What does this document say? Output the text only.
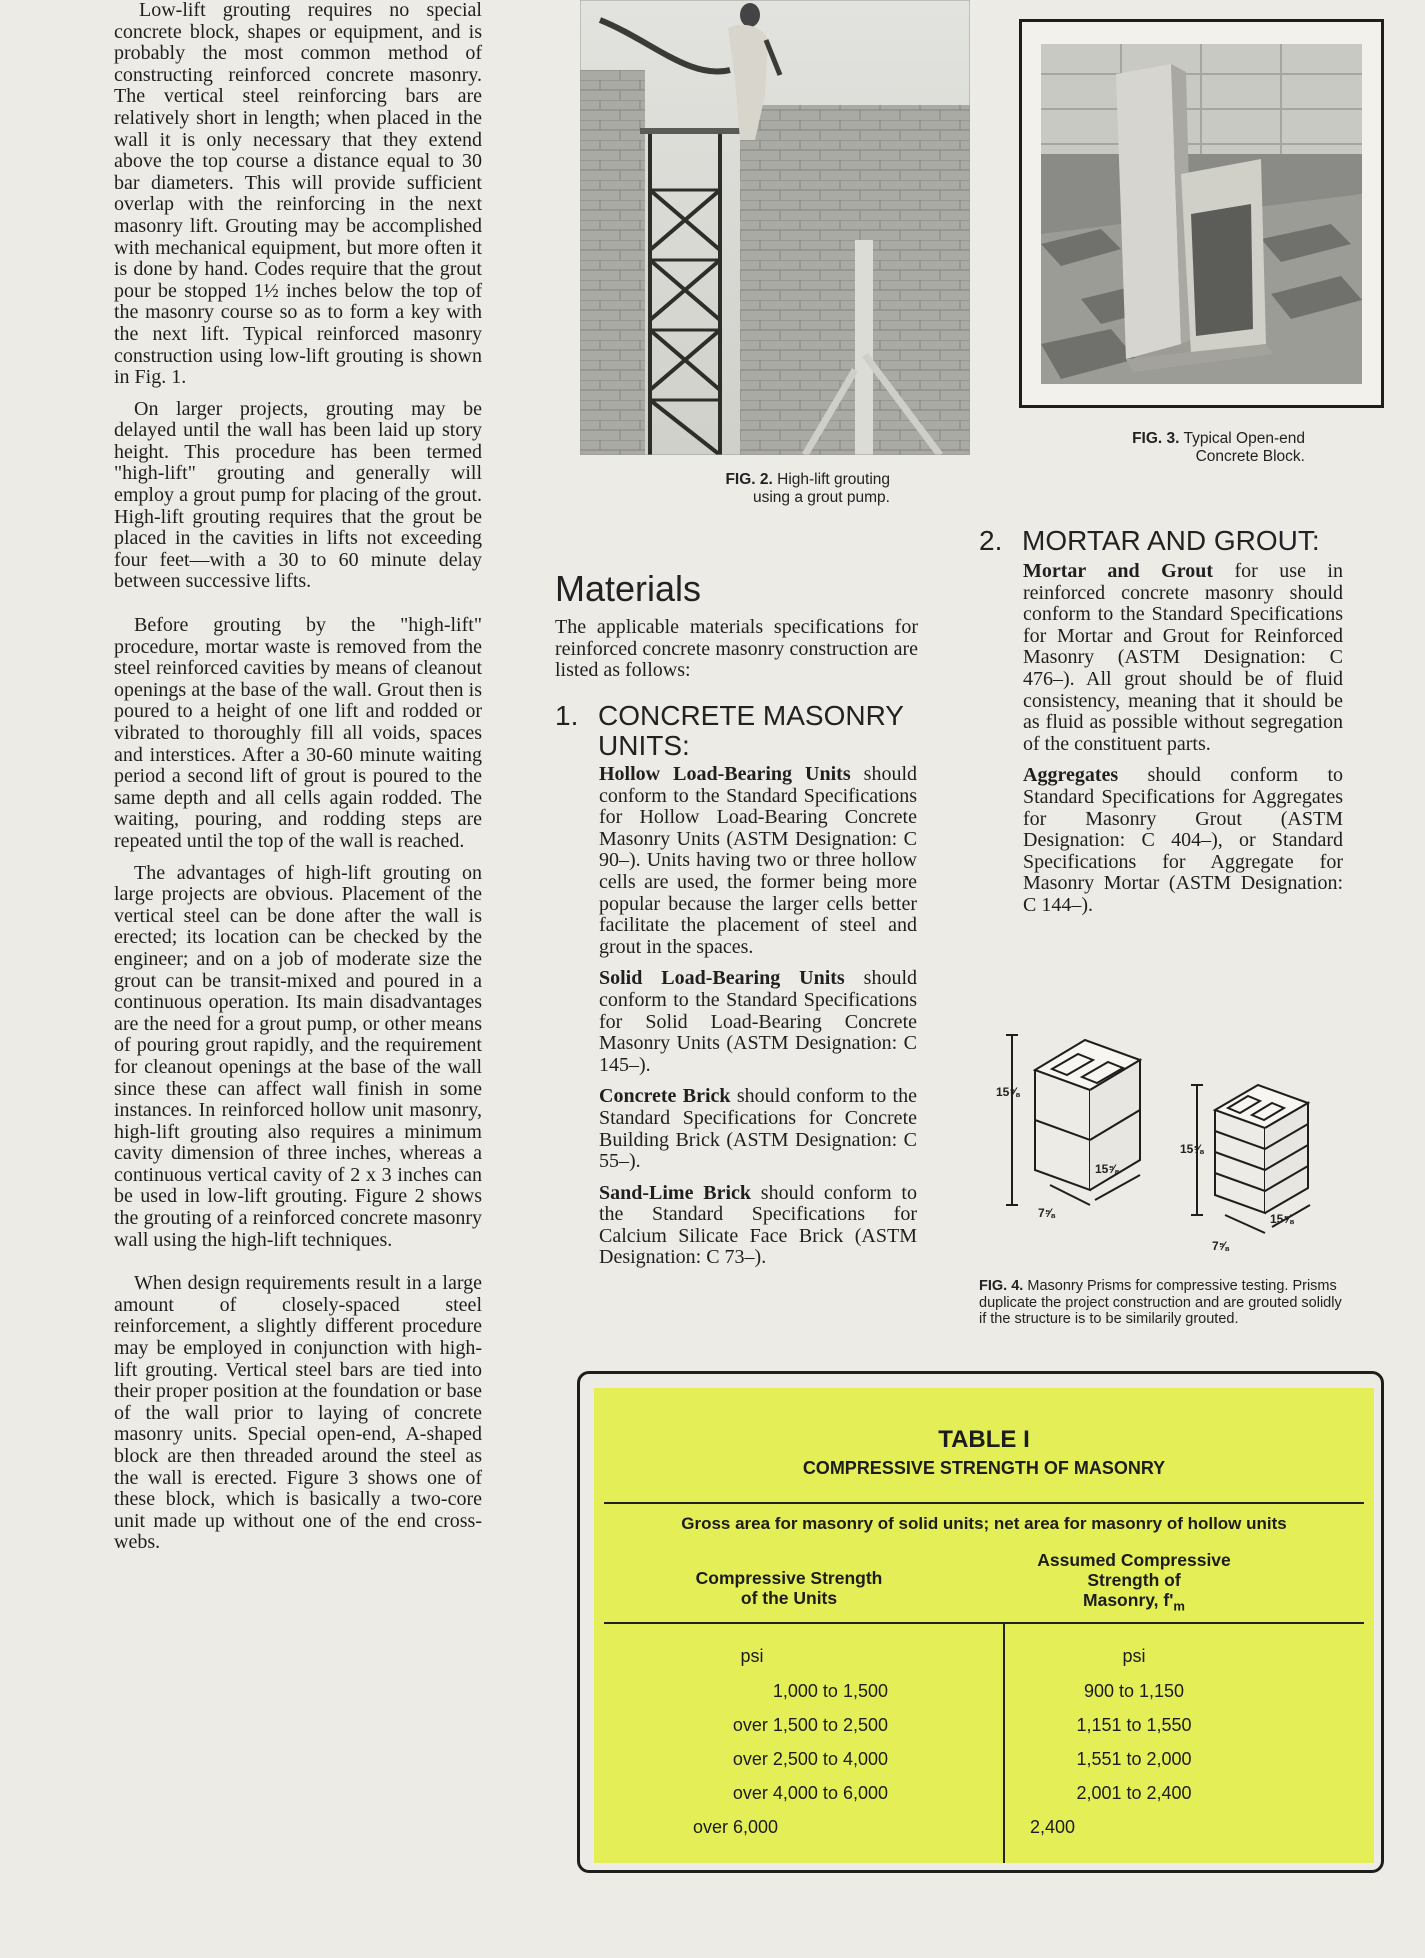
Low-lift grouting requires no special concrete block, shapes or equipment, and is probably the most common method of constructing reinforced concrete masonry. The vertical steel reinforcing bars are relatively short in length; when placed in the wall it is only necessary that they extend above the top course a distance equal to 30 bar diameters. This will provide sufficient overlap with the reinforcing in the next masonry lift. Grouting may be accomplished with mechanical equipment, but more often it is done by hand. Codes require that the grout pour be stopped 1½ inches below the top of the masonry course so as to form a key with the next lift. Typical reinforced masonry construction using low-lift grouting is shown in Fig. 1.

On larger projects, grouting may be delayed until the wall has been laid up story height. This procedure has been termed "high-lift" grouting and generally will employ a grout pump for placing of the grout. High-lift grouting requires that the grout be placed in the cavities in lifts not exceeding four feet—with a 30 to 60 minute delay between successive lifts.

Before grouting by the "high-lift" procedure, mortar waste is removed from the steel reinforced cavities by means of cleanout openings at the base of the wall. Grout then is poured to a height of one lift and rodded or vibrated to thoroughly fill all voids, spaces and interstices. After a 30-60 minute waiting period a second lift of grout is poured to the same depth and all cells again rodded. The waiting, pouring, and rodding steps are repeated until the top of the wall is reached.

The advantages of high-lift grouting on large projects are obvious. Placement of the vertical steel can be done after the wall is erected; its location can be checked by the engineer; and on a job of moderate size the grout can be transit-mixed and poured in a continuous operation. Its main disadvantages are the need for a grout pump, or other means of pouring grout rapidly, and the requirement for cleanout openings at the base of the wall since these can affect wall finish in some instances. In reinforced hollow unit masonry, high-lift grouting also requires a minimum cavity dimension of three inches, whereas a continuous vertical cavity of 2 x 3 inches can be used in low-lift grouting. Figure 2 shows the grouting of a reinforced concrete masonry wall using the high-lift techniques.

When design requirements result in a large amount of closely-spaced steel reinforcement, a slightly different procedure may be employed in conjunction with high-lift grouting. Vertical steel bars are tied into their proper position at the foundation or base of the wall prior to laying of concrete masonry units. Special open-end, A-shaped block are then threaded around the steel as the wall is erected. Figure 3 shows one of these block, which is basically a two-core unit made up without one of the end cross-webs.

FIG. 2. High-lift grouting
using a grout pump.
FIG. 3. Typical Open-end
Concrete Block.
Materials
The applicable materials specifications for reinforced concrete masonry construction are listed as follows:
1. CONCRETE MASONRY
UNITS:

Hollow Load-Bearing Units should conform to the Standard Specifications for Hollow Load-Bearing Concrete Masonry Units (ASTM Designation: C 90–). Units having two or three hollow cells are used, the former being more popular because the larger cells better facilitate the placement of steel and grout in the spaces.

Solid Load-Bearing Units should conform to the Standard Specifications for Solid Load-Bearing Concrete Masonry Units (ASTM Designation: C 145–).

Concrete Brick should conform to the Standard Specifications for Concrete Building Brick (ASTM Designation: C 55–).

Sand-Lime Brick should conform to the Standard Specifications for Calcium Silicate Face Brick (ASTM Designation: C 73–).

2. MORTAR AND GROUT:

Mortar and Grout for use in reinforced concrete masonry should conform to the Standard Specifications for Mortar and Grout for Reinforced Masonry (ASTM Designation: C 476–). All grout should be of fluid consistency, meaning that it should be as fluid as possible without segregation of the constituent parts.

Aggregates should conform to Standard Specifications for Aggregates for Masonry Grout (ASTM Designation: C 404–), or Standard Specifications for Aggregate for Masonry Mortar (ASTM Designation: C 144–).

15⅝
15⅝
7⅝
15⅝
15⅝
7⅝
FIG. 4. Masonry Prisms for compressive testing. Prisms duplicate the project construction and are grouted solidly if the structure is to be similarily grouted.
TABLE I
COMPRESSIVE STRENGTH OF MASONRY
Gross area for masonry of solid units; net area for masonry of hollow units
Compressive Strength
of the Units
Assumed Compressive
Strength of
Masonry, $f'_m$
psi	psi
1,000 to 1,500	900 to 1,150
over 1,500 to 2,500	1,151 to 1,550
over 2,500 to 4,000	1,551 to 2,000
over 4,000 to 6,000	2,001 to 2,400
over 6,000	2,400
